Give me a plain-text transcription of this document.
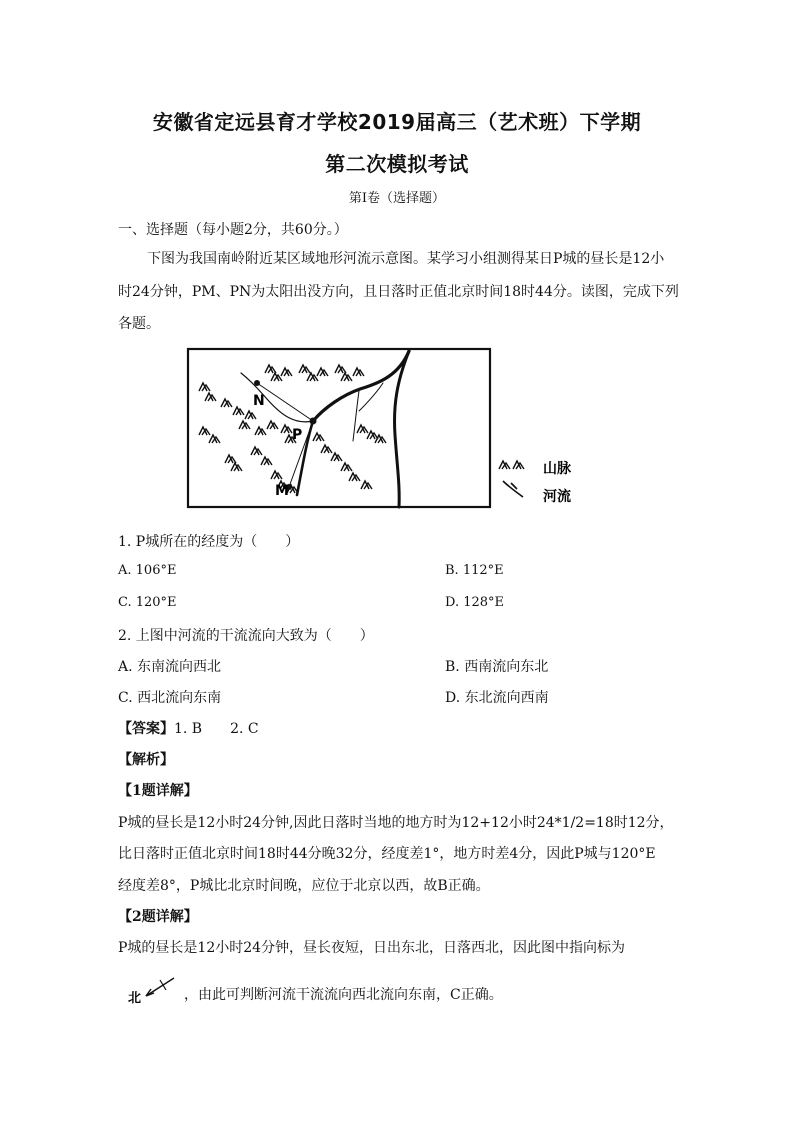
安徽省定远县育才学校2019届高三（艺术班）下学期
第二次模拟考试
第I卷（选择题）
一、选择题（每小题2分，共60分。）
下图为我国南岭附近某区域地形河流示意图。某学习小组测得某日P城的昼长是12小
时24分钟，PM、PN为太阳出没方向，且日落时正值北京时间18时44分。读图，完成下列
各题。
N
P
M
山脉
河流
1. P城所在的经度为（　　）
A. 106°E	B. 112°E
C. 120°E	D. 128°E
2. 上图中河流的干流流向大致为（　　）
A. 东南流向西北	B. 西南流向东北
C. 西北流向东南	D. 东北流向西南
【答案】1. B　　2. C
【解析】
【1题详解】
P城的昼长是12小时24分钟,因此日落时当地的地方时为12+12小时24*1/2=18时12分，
比日落时正值北京时间18时44分晚32分，经度差1°，地方时差4分，因此P城与120°E
经度差8°，P城比北京时间晚，应位于北京以西，故B正确。
【2题详解】
P城的昼长是12小时24分钟，昼长夜短，日出东北，日落西北，因此图中指向标为
北	，由此可判断河流干流流向西北流向东南，C正确。
